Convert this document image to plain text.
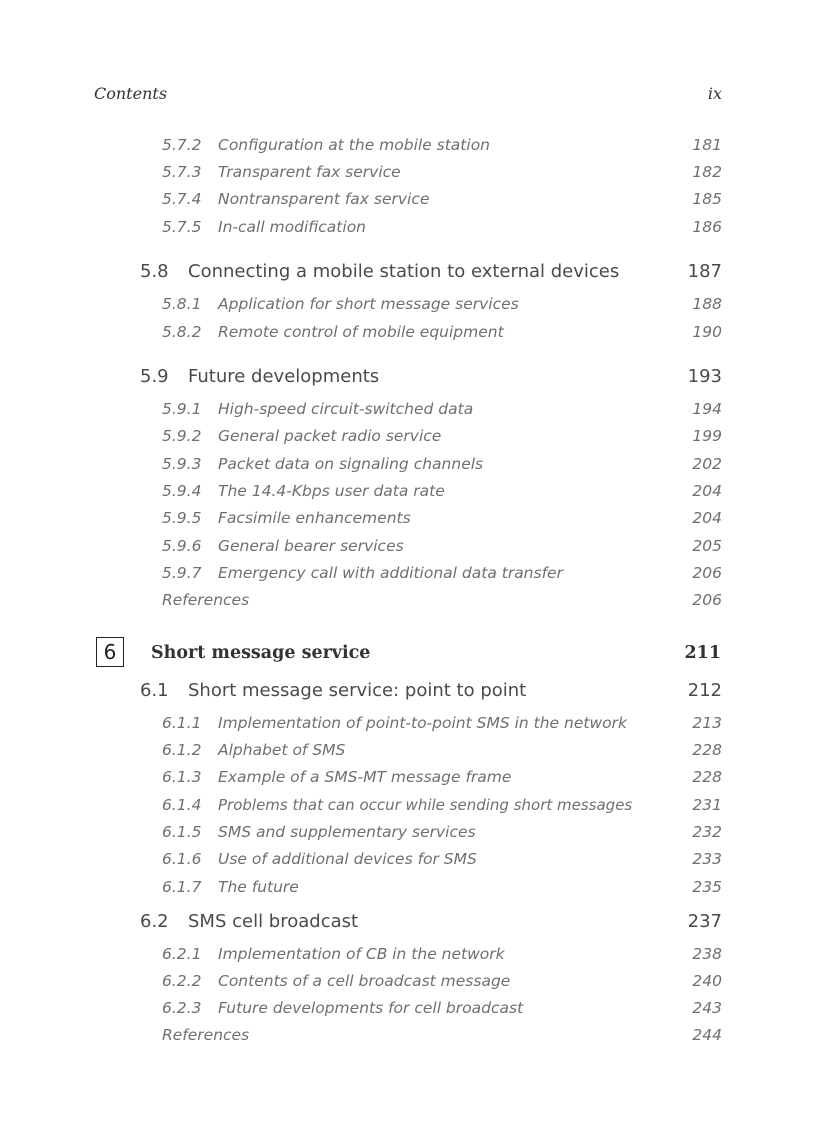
Contents	ix
5.7.2 Configuration at the mobile station	181
5.7.3 Transparent fax service	182
5.7.4 Nontransparent fax service	185
5.7.5 In-call modification	186
5.8 Connecting a mobile station to external devices	187
5.8.1 Application for short message services	188
5.8.2 Remote control of mobile equipment	190
5.9 Future developments	193
5.9.1 High-speed circuit-switched data	194
5.9.2 General packet radio service	199
5.9.3 Packet data on signaling channels	202
5.9.4 The 14.4-Kbps user data rate	204
5.9.5 Facsimile enhancements	204
5.9.6 General bearer services	205
5.9.7 Emergency call with additional data transfer	206
References	206
6	Short message service	211
6.1 Short message service: point to point	212
6.1.1 Implementation of point-to-point SMS in the network	213
6.1.2 Alphabet of SMS	228
6.1.3 Example of a SMS-MT message frame	228
6.1.4 Problems that can occur while sending short messages	231
6.1.5 SMS and supplementary services	232
6.1.6 Use of additional devices for SMS	233
6.1.7 The future	235
6.2 SMS cell broadcast	237
6.2.1 Implementation of CB in the network	238
6.2.2 Contents of a cell broadcast message	240
6.2.3 Future developments for cell broadcast	243
References	244
